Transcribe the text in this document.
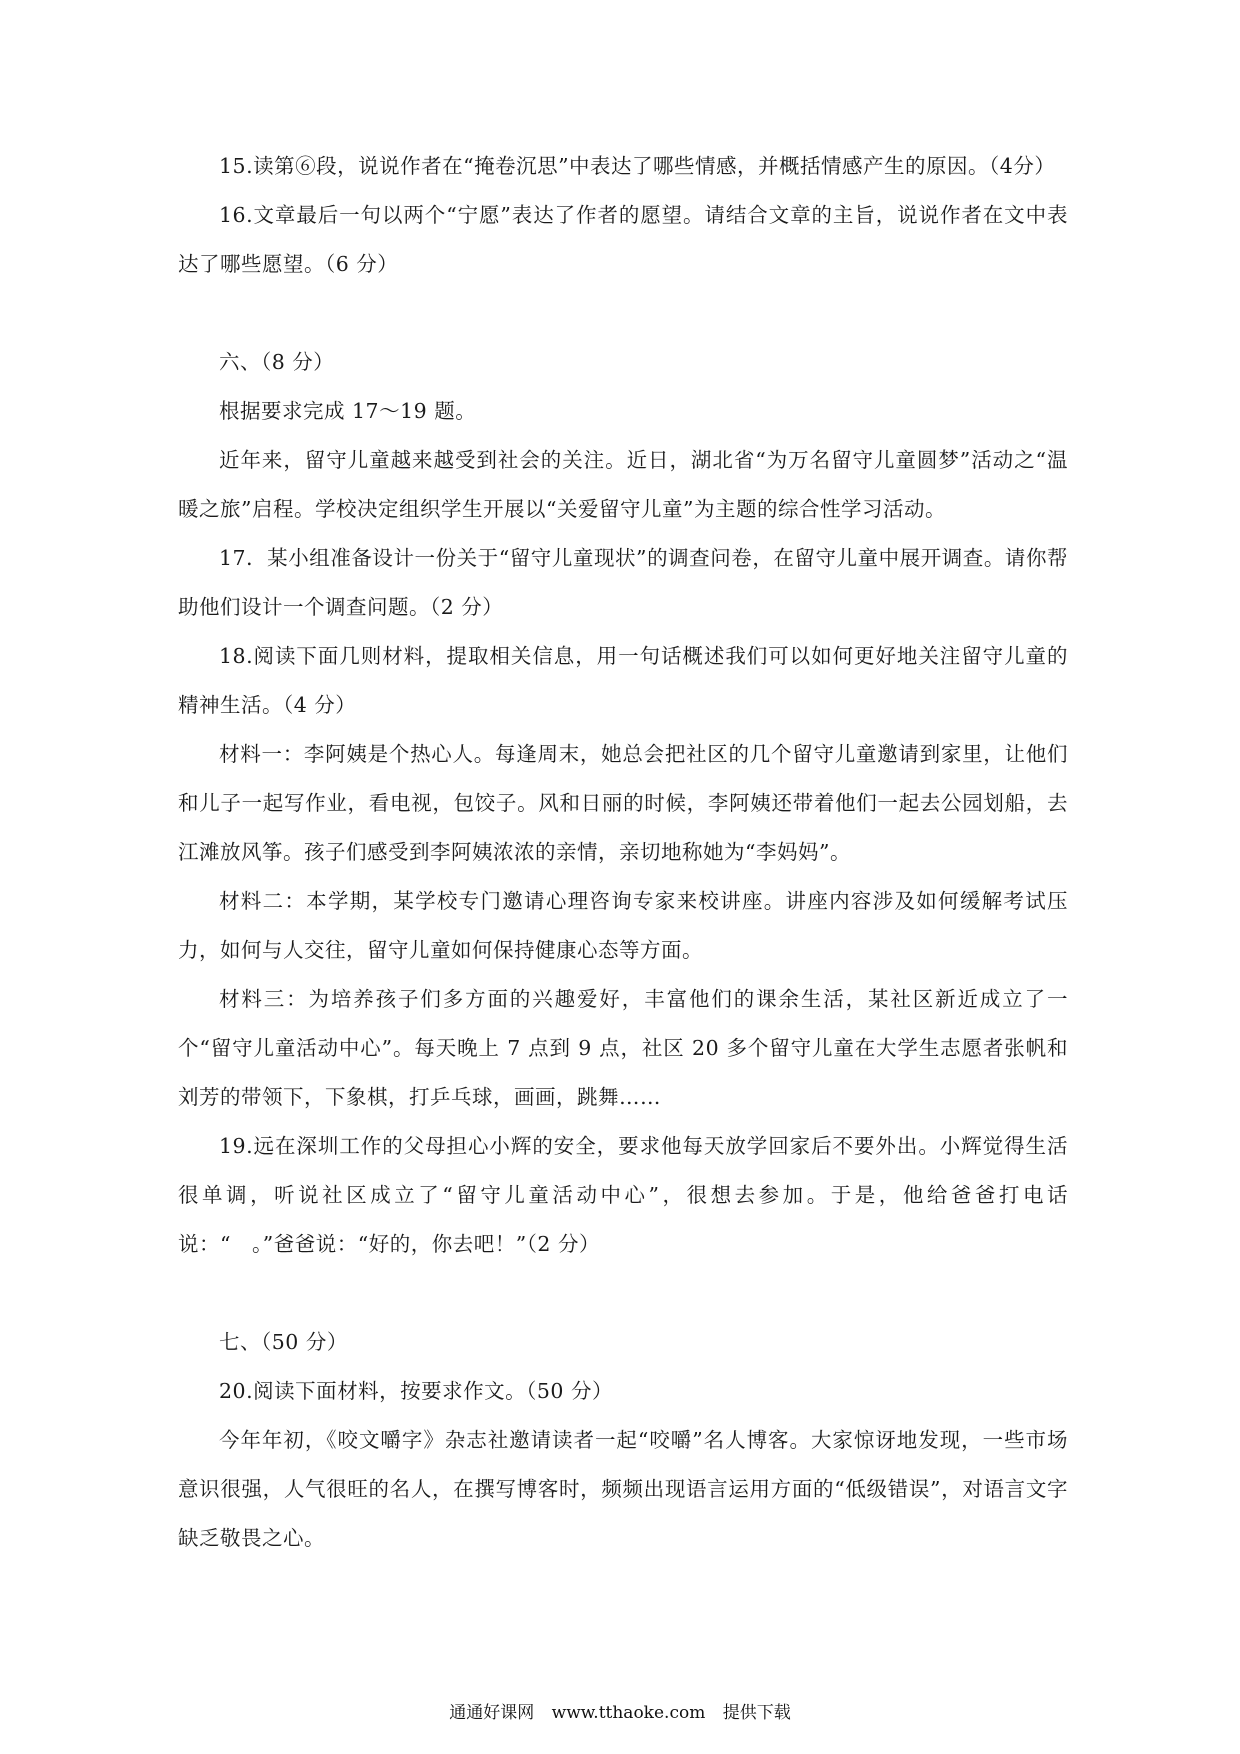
15.读第⑥段，说说作者在“掩卷沉思”中表达了哪些情感，并概括情感产生的原因。（4分）

16.文章最后一句以两个“宁愿”表达了作者的愿望。请结合文章的主旨，说说作者在文中表达了哪些愿望。（6 分）

六、（8 分）

根据要求完成 17～19 题。

近年来，留守儿童越来越受到社会的关注。近日，湖北省“为万名留守儿童圆梦”活动之“温暖之旅”启程。学校决定组织学生开展以“关爱留守儿童”为主题的综合性学习活动。

17．某小组准备设计一份关于“留守儿童现状”的调查问卷，在留守儿童中展开调查。请你帮助他们设计一个调查问题。（2 分）

18.阅读下面几则材料，提取相关信息，用一句话概述我们可以如何更好地关注留守儿童的精神生活。（4 分）

材料一：李阿姨是个热心人。每逢周末，她总会把社区的几个留守儿童邀请到家里，让他们和儿子一起写作业，看电视，包饺子。风和日丽的时候，李阿姨还带着他们一起去公园划船，去江滩放风筝。孩子们感受到李阿姨浓浓的亲情，亲切地称她为“李妈妈”。

材料二：本学期，某学校专门邀请心理咨询专家来校讲座。讲座内容涉及如何缓解考试压力，如何与人交往，留守儿童如何保持健康心态等方面。

材料三：为培养孩子们多方面的兴趣爱好，丰富他们的课余生活，某社区新近成立了一个“留守儿童活动中心”。每天晚上 7 点到 9 点，社区 20 多个留守儿童在大学生志愿者张帆和刘芳的带领下，下象棋，打乒乓球，画画，跳舞……

19.远在深圳工作的父母担心小辉的安全，要求他每天放学回家后不要外出。小辉觉得生活很单调，听说社区成立了“留守儿童活动中心”，很想去参加。于是，他给爸爸打电话说：“　。”爸爸说：“好的，你去吧！”（2 分）

七、（50 分）

20.阅读下面材料，按要求作文。（50 分）

今年年初，《咬文嚼字》杂志社邀请读者一起“咬嚼”名人博客。大家惊讶地发现，一些市场意识很强，人气很旺的名人，在撰写博客时，频频出现语言运用方面的“低级错误”，对语言文字缺乏敬畏之心。

通通好课网 www.tthaoke.com 提供下载
